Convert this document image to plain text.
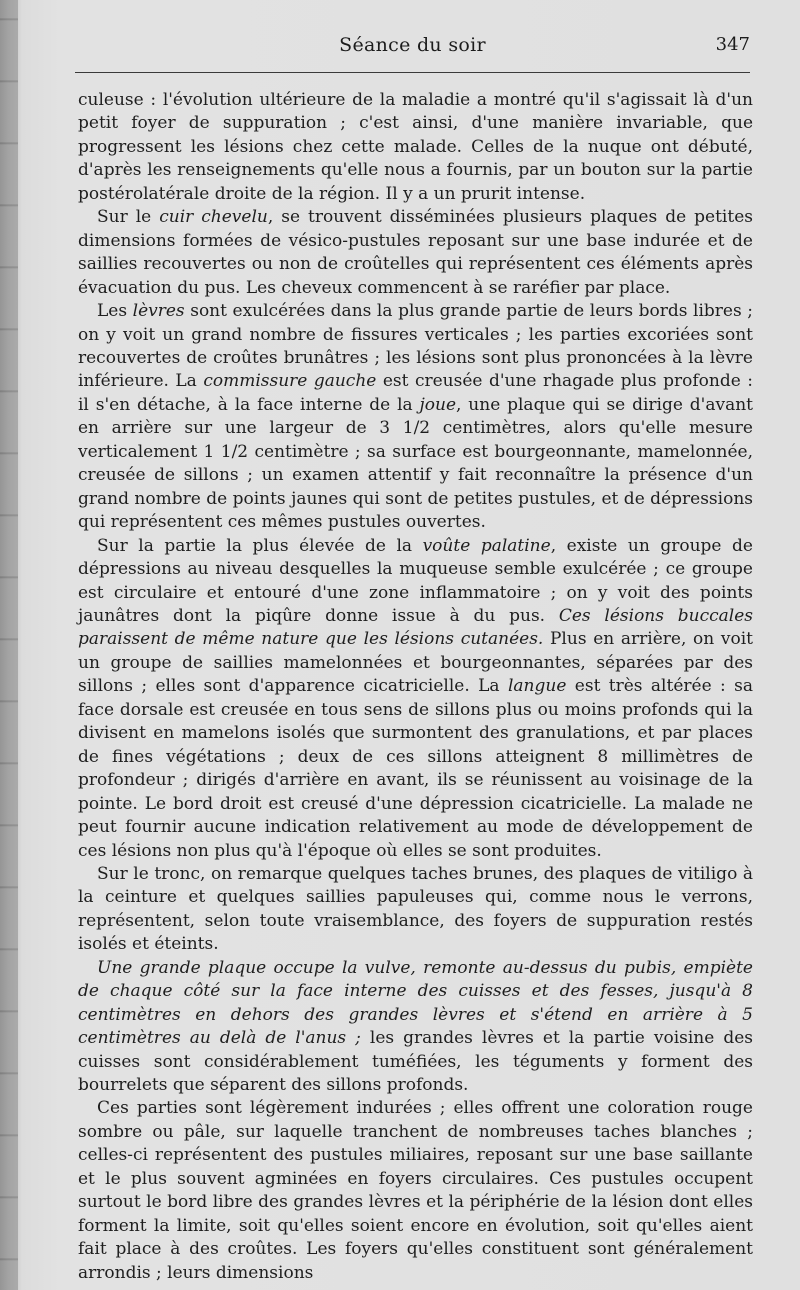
Séance du soir	347

culeuse : l'évolution ultérieure de la maladie a montré qu'il s'agissait là d'un petit foyer de suppuration ; c'est ainsi, d'une manière invariable, que progressent les lésions chez cette malade. Celles de la nuque ont débuté, d'après les renseignements qu'elle nous a fournis, par un bouton sur la partie postérolatérale droite de la région. Il y a un prurit intense.

Sur le cuir chevelu, se trouvent disséminées plusieurs plaques de petites dimensions formées de vésico-pustules reposant sur une base indurée et de saillies recouvertes ou non de croûtelles qui représentent ces éléments après évacuation du pus. Les cheveux commencent à se raréfier par place.

Les lèvres sont exulcérées dans la plus grande partie de leurs bords libres ; on y voit un grand nombre de fissures verticales ; les parties excoriées sont recouvertes de croûtes brunâtres ; les lésions sont plus prononcées à la lèvre inférieure. La commissure gauche est creusée d'une rhagade plus profonde : il s'en détache, à la face interne de la joue, une plaque qui se dirige d'avant en arrière sur une largeur de 3 1/2 centimètres, alors qu'elle mesure verticalement 1 1/2 centimètre ; sa surface est bourgeonnante, mamelonnée, creusée de sillons ; un examen attentif y fait reconnaître la présence d'un grand nombre de points jaunes qui sont de petites pustules, et de dépressions qui représentent ces mêmes pustules ouvertes.

Sur la partie la plus élevée de la voûte palatine, existe un groupe de dépressions au niveau desquelles la muqueuse semble exulcérée ; ce groupe est circulaire et entouré d'une zone inflammatoire ; on y voit des points jaunâtres dont la piqûre donne issue à du pus. Ces lésions buccales paraissent de même nature que les lésions cutanées. Plus en arrière, on voit un groupe de saillies mamelonnées et bourgeonnantes, séparées par des sillons ; elles sont d'apparence cicatricielle. La langue est très altérée : sa face dorsale est creusée en tous sens de sillons plus ou moins profonds qui la divisent en mamelons isolés que surmontent des granulations, et par places de fines végétations ; deux de ces sillons atteignent 8 millimètres de profondeur ; dirigés d'arrière en avant, ils se réunissent au voisinage de la pointe. Le bord droit est creusé d'une dépression cicatricielle. La malade ne peut fournir aucune indication relativement au mode de développement de ces lésions non plus qu'à l'époque où elles se sont produites.

Sur le tronc, on remarque quelques taches brunes, des plaques de vitiligo à la ceinture et quelques saillies papuleuses qui, comme nous le verrons, représentent, selon toute vraisemblance, des foyers de suppuration restés isolés et éteints.

Une grande plaque occupe la vulve, remonte au-dessus du pubis, empiète de chaque côté sur la face interne des cuisses et des fesses, jusqu'à 8 centimètres en dehors des grandes lèvres et s'étend en arrière à 5 centimètres au delà de l'anus ; les grandes lèvres et la partie voisine des cuisses sont considérablement tuméfiées, les téguments y forment des bourrelets que séparent des sillons profonds.

Ces parties sont légèrement indurées ; elles offrent une coloration rouge sombre ou pâle, sur laquelle tranchent de nombreuses taches blanches ; celles-ci représentent des pustules miliaires, reposant sur une base saillante et le plus souvent agminées en foyers circulaires. Ces pustules occupent surtout le bord libre des grandes lèvres et la périphérie de la lésion dont elles forment la limite, soit qu'elles soient encore en évolution, soit qu'elles aient fait place à des croûtes. Les foyers qu'elles constituent sont généralement arrondis ; leurs dimensions
